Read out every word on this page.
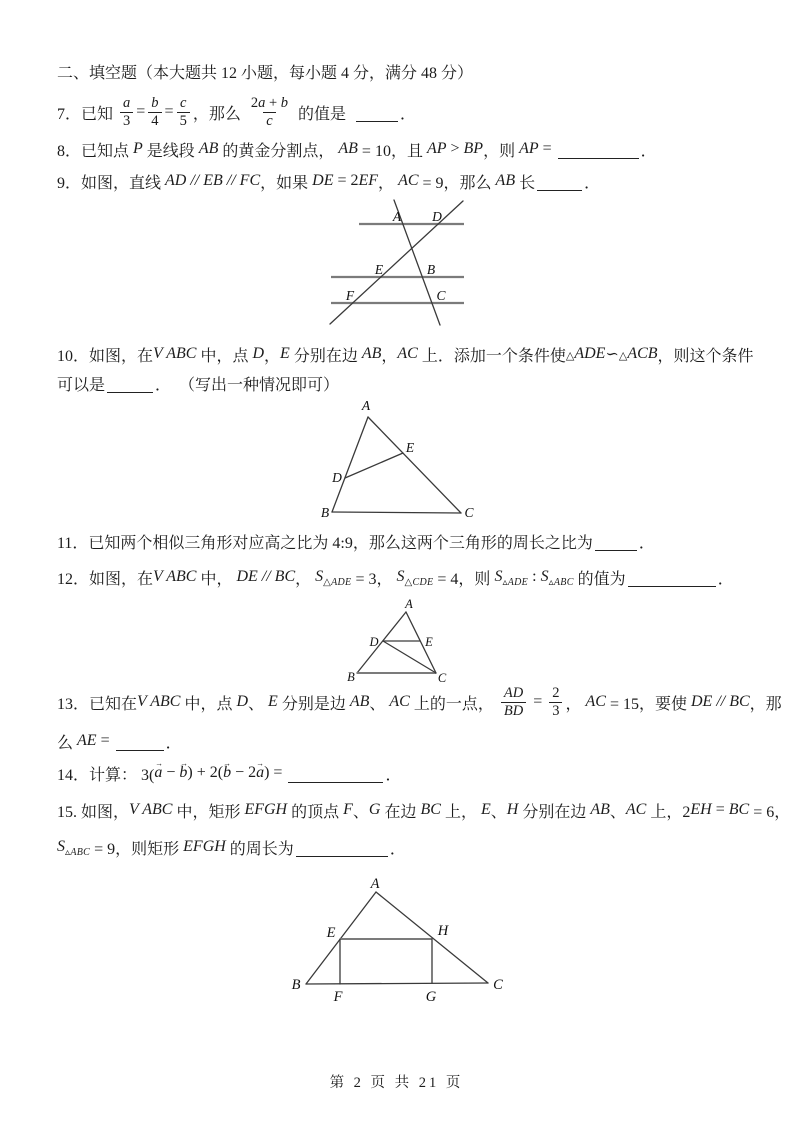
二、填空题（本大题共 12 小题，每小题 4 分，满分 48 分）
7．已知 $\frac{a}{3} = \frac{b}{4} = \frac{c}{5}$ ，那么 $\frac{2 a + b}{c}$ 的值是	．
8．已知点 P 是线段 AB 的黄金分割点， AB = 10，且 AP > BP ，则 AP =	．
9．如图，直线 AD // EB // FC ，如果 DE = 2 EF ， AC = 9，那么 AB 长	．
A D
E	B
F	C
10．如图，在 V ABC 中，点 D ， E 分别在边 AB ， AC 上．添加一个条件使 △ ADE ∽ △ ACB ，则这个条件
可以是	．  （写出一种情况即可）
A
E
D
B	C
11．已知两个相似三角形对应高之比为 4:9，那么这两个三角形的周长之比为	．
12．如图，在 V ABC 中， DE // BC ， S △ADE = 3， S △CDE = 4，则 S ▵ADE : S ▵ABC 的值为	．
A
D	E
B	C
13．已知在 V ABC 中，点 D 、 E 分别是边 AB 、 AC 上的一点， $\frac{AD}{BD} = \frac{2}{3}$ ， AC = 15，要使 DE // BC ，那
么 AE =	．
14．计算： 3( → a − → b ) + 2( → b − 2 → a ) =	．
15. 如图， V ABC 中，矩形 EFGH 的顶点 F 、 G 在边 BC 上， E 、 H 分别在边 AB 、 AC 上，2 EH = BC = 6，
S ▵ABC = 9，则矩形 EFGH 的周长为	．
A
E	H
B
F	G
C
第 2 页 共 21 页
